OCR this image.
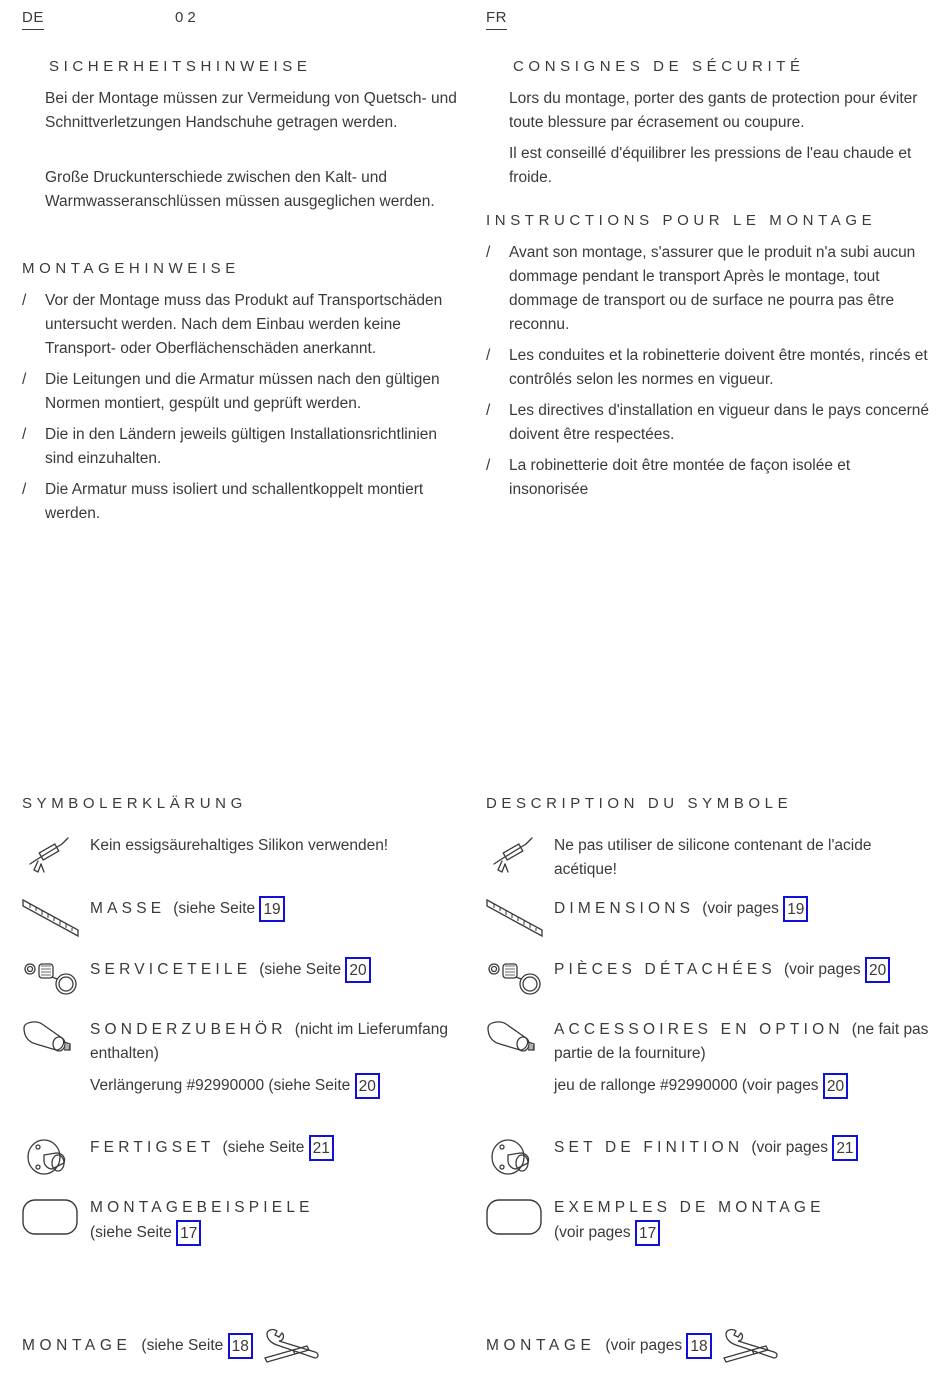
DE	02
SICHERHEITSHINWEISE

Bei der Montage müssen zur Vermeidung von Quetsch- und Schnittverletzungen Handschuhe getragen werden.

Große Druckunterschiede zwischen den Kalt- und Warmwasseranschlüssen müssen ausgeglichen werden.

MONTAGEHINWEISE
/ Vor der Montage muss das Produkt auf Transportschäden untersucht werden. Nach dem Einbau werden keine Transport- oder Oberflächenschäden anerkannt.
/ Die Leitungen und die Armatur müssen nach den gültigen Normen montiert, gespült und geprüft werden.
/ Die in den Ländern jeweils gültigen Installationsrichtlinien sind einzuhalten.
/ Die Armatur muss isoliert und schallentkoppelt montiert werden.
SYMBOLERKLÄRUNG
Kein essigsäurehaltiges Silikon verwenden!
MASSE (siehe Seite 19
SERVICETEILE (siehe Seite 20
SONDERZUBEHÖR (nicht im Lieferumfang enthalten)
Verlängerung #92990000 (siehe Seite 20
FERTIGSET (siehe Seite 21
MONTAGEBEISPIELE
(siehe Seite 17
MONTAGE (siehe Seite 18
FR
CONSIGNES DE SÉCURITÉ

Lors du montage, porter des gants de protection pour éviter toute blessure par écrasement ou coupure.

Il est conseillé d'équilibrer les pressions de l'eau chaude et froide.

INSTRUCTIONS POUR LE MONTAGE
/ Avant son montage, s'assurer que le produit n'a subi aucun dommage pendant le transport Après le montage, tout dommage de transport ou de surface ne pourra pas être reconnu.
/ Les conduites et la robinetterie doivent être montés, rincés et contrôlés selon les normes en vigueur.
/ Les directives d'installation en vigueur dans le pays concerné doivent être respectées.
/ La robinetterie doit être montée de façon isolée et insonorisée
DESCRIPTION DU SYMBOLE
Ne pas utiliser de silicone contenant de l'acide acétique!
DIMENSIONS (voir pages 19
PIÈCES DÉTACHÉES (voir pages 20
ACCESSOIRES EN OPTION (ne fait pas partie de la fourniture)
jeu de rallonge #92990000 (voir pages 20
SET DE FINITION (voir pages 21
EXEMPLES DE MONTAGE
(voir pages 17
MONTAGE (voir pages 18
